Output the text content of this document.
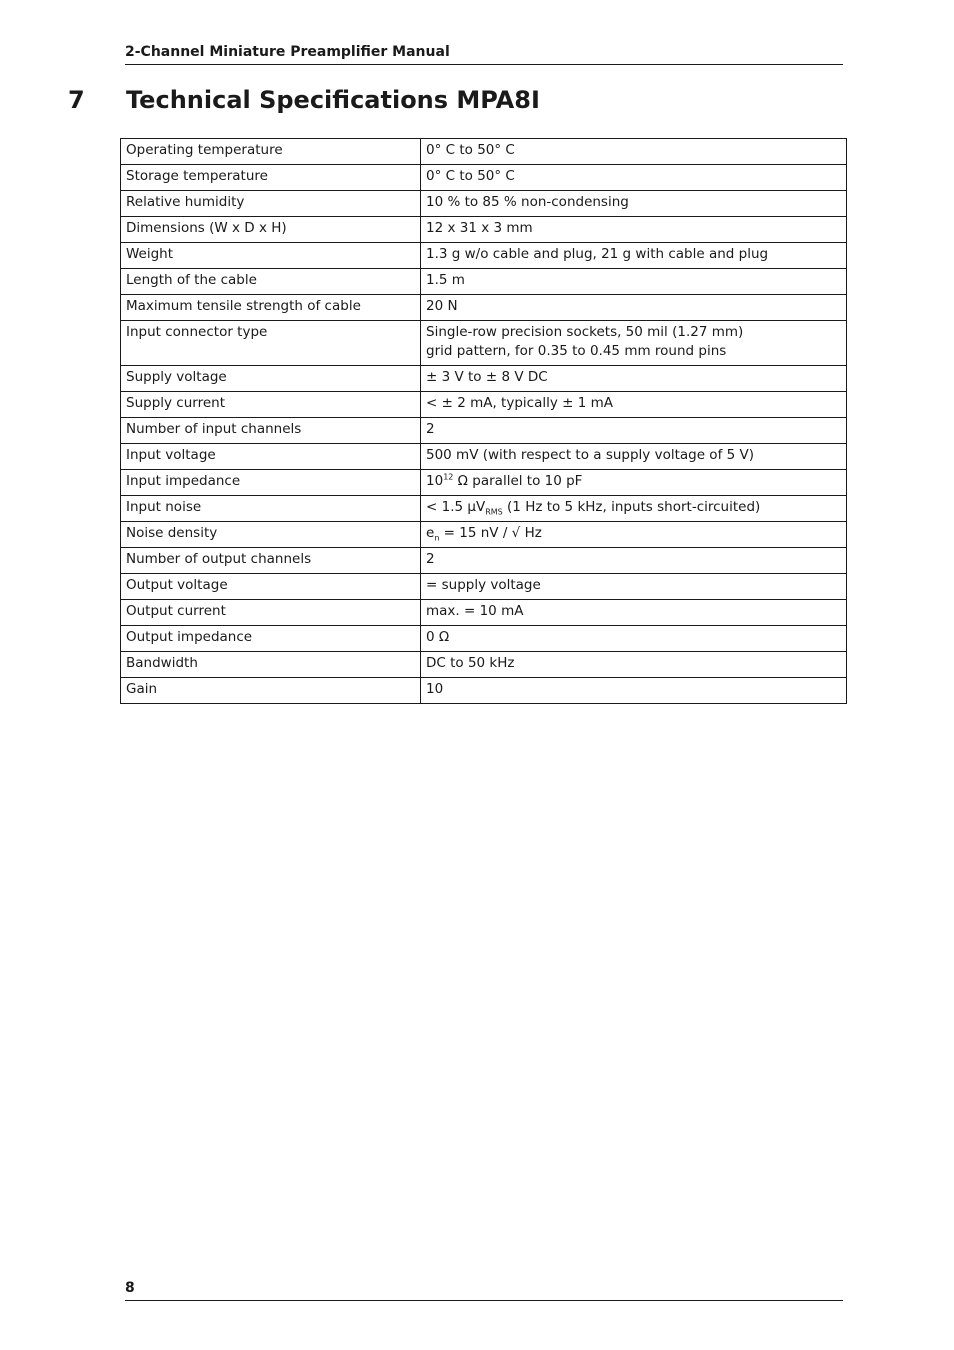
2-Channel Miniature Preamplifier Manual
7 Technical Specifications MPA8I
Operating temperature	0° C to 50° C
Storage temperature	0° C to 50° C
Relative humidity	10 % to 85 % non-condensing
Dimensions (W x D x H)	12 x 31 x 3 mm
Weight	1.3 g w/o cable and plug, 21 g with cable and plug
Length of the cable	1.5 m
Maximum tensile strength of cable	20 N
Input connector type	Single-row precision sockets, 50 mil (1.27 mm)
grid pattern, for 0.35 to 0.45 mm round pins
Supply voltage	± 3 V to ± 8 V DC
Supply current	< ± 2 mA, typically ± 1 mA
Number of input channels	2
Input voltage	500 mV (with respect to a supply voltage of 5 V)
Input impedance	$10^{12}$ Ω parallel to 10 pF
Input noise	< 1.5 µV$_{RMS}$ (1 Hz to 5 kHz, inputs short-circuited)
Noise density	$e_n = 15$ nV / √ Hz
Number of output channels	2
Output voltage	= supply voltage
Output current	max. = 10 mA
Output impedance	0 Ω
Bandwidth	DC to 50 kHz
Gain	10
8
